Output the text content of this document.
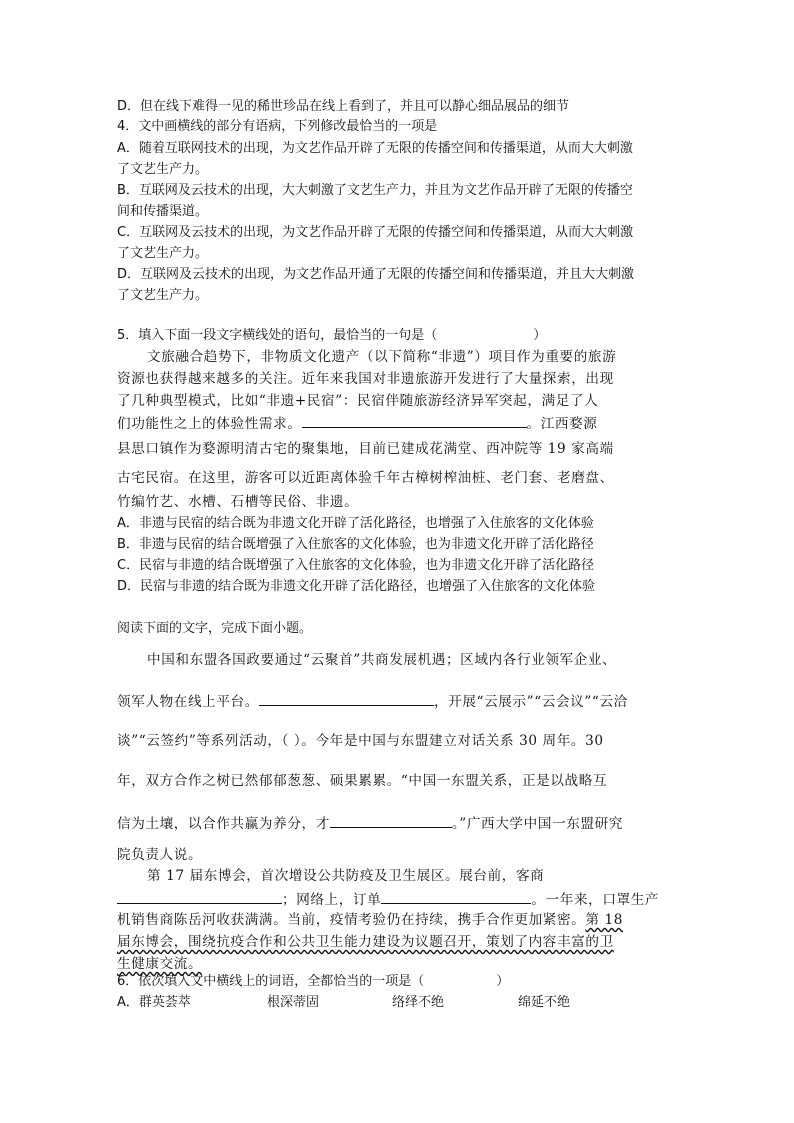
D．但在线下难得一见的稀世珍品在线上看到了，并且可以静心细品展品的细节
4．文中画横线的部分有语病，下列修改最恰当的一项是
A．随着互联网技术的出现，为文艺作品开辟了无限的传播空间和传播渠道，从而大大刺激
了文艺生产力。
B．互联网及云技术的出现，大大刺激了文艺生产力，并且为文艺作品开辟了无限的传播空
间和传播渠道。
C．互联网及云技术的出现，为文艺作品开辟了无限的传播空间和传播渠道，从而大大刺激
了文艺生产力。
D．互联网及云技术的出现，为文艺作品开通了无限的传播空间和传播渠道，并且大大刺激
了文艺生产力。
5．填入下面一段文字横线处的语句，最恰当的一句是（	）
文旅融合趋势下，非物质文化遗产（以下简称“非遗”）项目作为重要的旅游
资源也获得越来越多的关注。近年来我国对非遗旅游开发进行了大量探索，出现
了几种典型模式，比如“非遗+民宿”：民宿伴随旅游经济异军突起，满足了人
们功能性之上的体验性需求。	。江西婺源
县思口镇作为婺源明清古宅的聚集地，目前已建成花满堂、西冲院等 19 家高端
古宅民宿。在这里，游客可以近距离体验千年古樟树榨油桩、老门套、老磨盘、
竹编竹艺、水槽、石槽等民俗、非遗。
A．非遗与民宿的结合既为非遗文化开辟了活化路径，也增强了入住旅客的文化体验
B．非遗与民宿的结合既增强了入住旅客的文化体验，也为非遗文化开辟了活化路径
C．民宿与非遗的结合既增强了入住旅客的文化体验，也为非遗文化开辟了活化路径
D．民宿与非遗的结合既为非遗文化开辟了活化路径，也增强了入住旅客的文化体验
阅读下面的文字，完成下面小题。
中国和东盟各国政要通过“云聚首”共商发展机遇；区域内各行业领军企业、
领军人物在线上平台。	，开展“云展示”“云会议”“云洽
谈”“云签约”等系列活动，（ ）。今年是中国与东盟建立对话关系 30 周年。30
年，双方合作之树已然郁郁葱葱、硕果累累。“中国一东盟关系，正是以战略互
信为土壤，以合作共赢为养分，才	。”广西大学中国一东盟研究
院负责人说。
第 17 届东博会，首次增设公共防疫及卫生展区。展台前，客商
；网络上，订单	。一年来，口罩生产
机销售商陈岳河收获满满。当前，疫情考验仍在持续，携手合作更加紧密。第 18
届东博会，围绕抗疫合作和公共卫生能力建设为议题召开，策划了内容丰富的卫
生健康交流。
6．依次填入文中横线上的词语，全都恰当的一项是（	）
A．群英荟萃	根深蒂固	络绎不绝	绵延不绝
